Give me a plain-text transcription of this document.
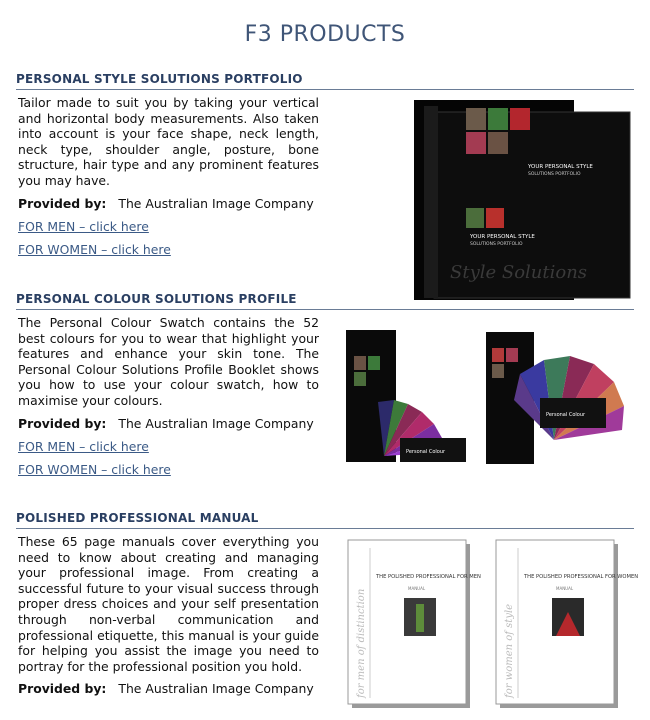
F3 PRODUCTS
PERSONAL STYLE SOLUTIONS PORTFOLIO
Tailor made to suit you by taking your vertical and horizontal body measurements. Also taken into account is your face shape, neck length, neck type, shoulder angle, posture, bone structure, hair type and any prominent features you may have.
Provided by: The Australian Image Company
FOR MEN – click here
FOR WOMEN – click here
YOUR PERSONAL STYLE
SOLUTIONS PORTFOLIO
YOUR PERSONAL STYLE
SOLUTIONS PORTFOLIO
Style Solutions
PERSONAL COLOUR SOLUTIONS PROFILE
The Personal Colour Swatch contains the 52 best colours for you to wear that highlight your features and enhance your skin tone. The Personal Colour Solutions Profile Booklet shows you how to use your colour swatch, how to maximise your colours.
Provided by: The Australian Image Company
FOR MEN – click here
FOR WOMEN – click here
Personal Colour
Personal Colour
POLISHED PROFESSIONAL MANUAL
These 65 page manuals cover everything you need to know about creating and managing your professional image. From creating a successful future to your visual success through proper dress choices and your self presentation through non-verbal communication and professional etiquette, this manual is your guide for helping you assist the image you need to portray for the professional position you hold.
Provided by: The Australian Image Company
THE POLISHED PROFESSIONAL FOR MEN
MANUAL
for men of distinction
THE POLISHED PROFESSIONAL FOR WOMEN
MANUAL
for women of style
